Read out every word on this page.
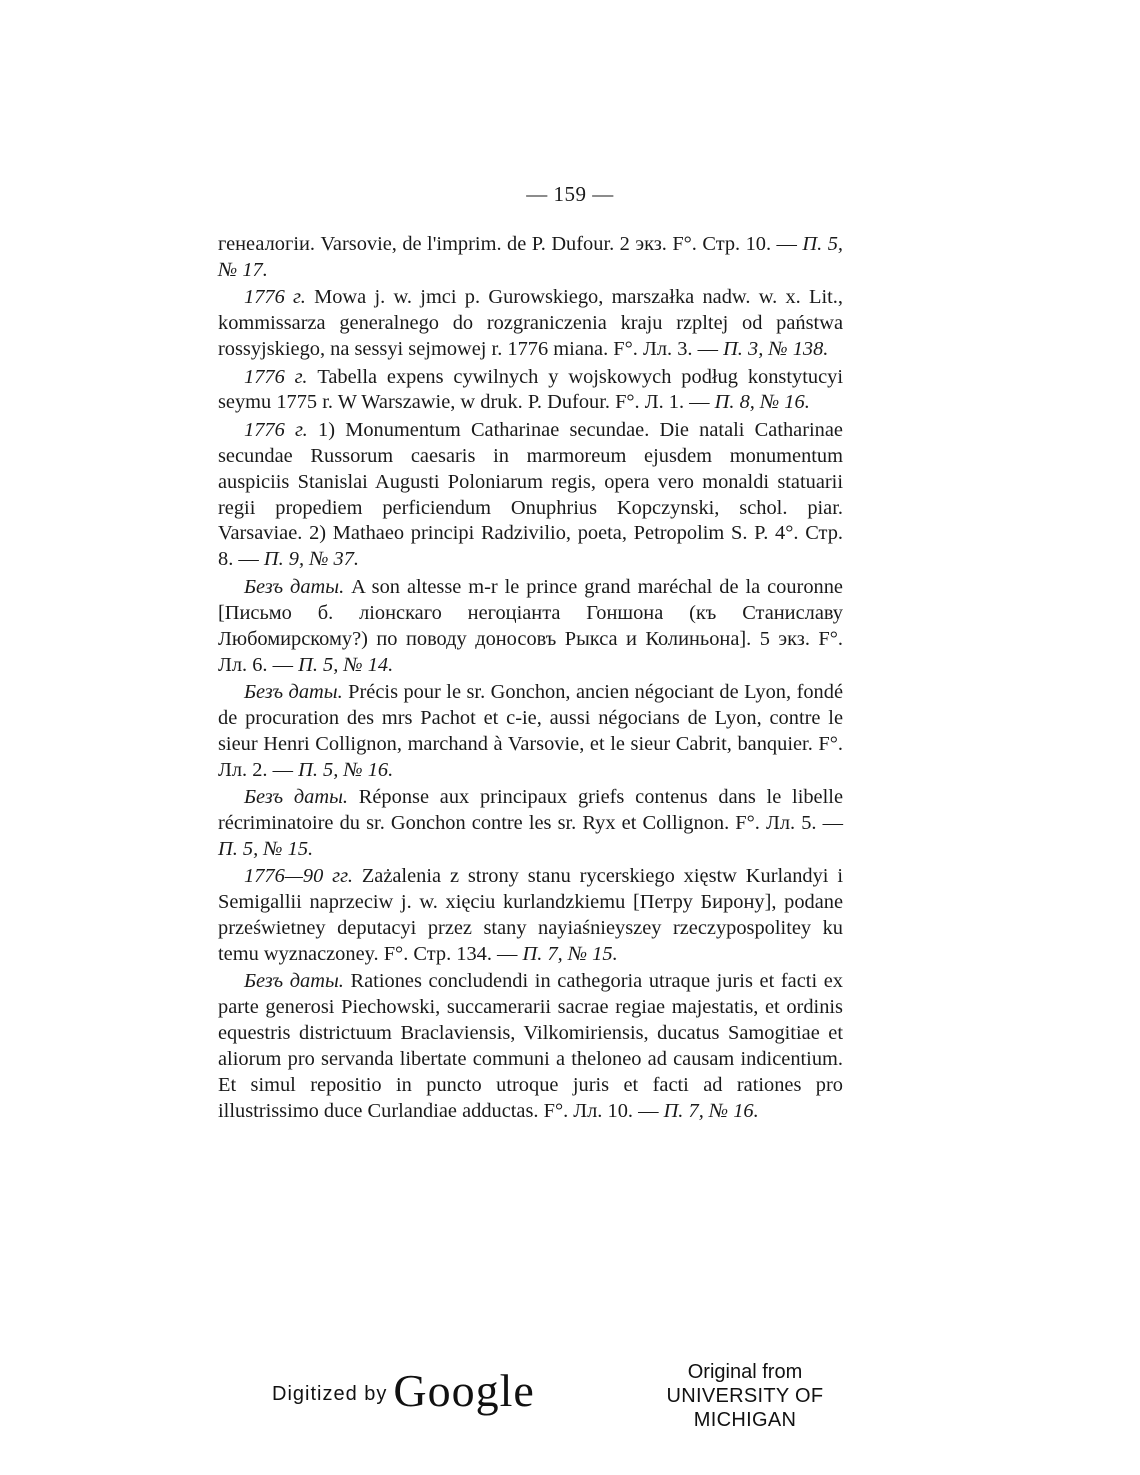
— 159 —

генеалогіи. Varsovie, de l'imprim. de P. Dufour. 2 экз. F°. Стр. 10. — П. 5, № 17.

1776 г. Mowa j. w. jmci p. Gurowskiego, marszałka nadw. w. x. Lit., kommissarza generalnego do rozgraniczenia kraju rzpltej od państwa rossyjskiego, na sessyi sejmowej r. 1776 miana. F°. Лл. 3. — П. 3, № 138.

1776 г. Tabella expens cywilnych y wojskowych podług konstytucyi seymu 1775 r. W Warszawie, w druk. P. Dufour. F°. Л. 1. — П. 8, № 16.

1776 г. 1) Monumentum Catharinae secundae. Die natali Catharinae secundae Russorum caesaris in marmoreum ejusdem monumentum auspiciis Stanislai Augusti Poloniarum regis, opera vero monaldi statuarii regii propediem perficiendum Onuphrius Kopczynski, schol. piar. Varsaviae. 2) Mathaeo principi Radzivilio, poeta, Petropolim S. P. 4°. Стр. 8. — П. 9, № 37.

Безъ даты. A son altesse m-r le prince grand maréchal de la couronne [Письмо б. ліонскаго негоціанта Гоншона (къ Станиславу Любомирскому?) по поводу доносовъ Рыкса и Колиньона]. 5 экз. F°. Лл. 6. — П. 5, № 14.

Безъ даты. Précis pour le sr. Gonchon, ancien négociant de Lyon, fondé de procuration des mrs Pachot et c-ie, aussi négocians de Lyon, contre le sieur Henri Collignon, marchand à Varsovie, et le sieur Cabrit, banquier. F°. Лл. 2. — П. 5, № 16.

Безъ даты. Réponse aux principaux griefs contenus dans le libelle récriminatoire du sr. Gonchon contre les sr. Ryx et Collignon. F°. Лл. 5. — П. 5, № 15.

1776—90 гг. Zażalenia z strony stanu rycerskiego xięstw Kurlandyi i Semigallii naprzeciw j. w. xięciu kurlandzkiemu [Петру Бирону], podane prześwietney deputacyi przez stany nayiaśnieyszey rzeczypospolitey ku temu wyznaczoney. F°. Стр. 134. — П. 7, № 15.

Безъ даты. Rationes concludendi in cathegoria utraque juris et facti ex parte generosi Piechowski, succamerarii sacrae regiae majestatis, et ordinis equestris districtuum Braclaviensis, Vilkomiriensis, ducatus Samogitiae et aliorum pro servanda libertate communi a theloneo ad causam indicentium. Et simul repositio in puncto utroque juris et facti ad rationes pro illustrissimo duce Curlandiae adductas. F°. Лл. 10. — П. 7, № 16.

Digitized by Google	Original from
UNIVERSITY OF MICHIGAN
